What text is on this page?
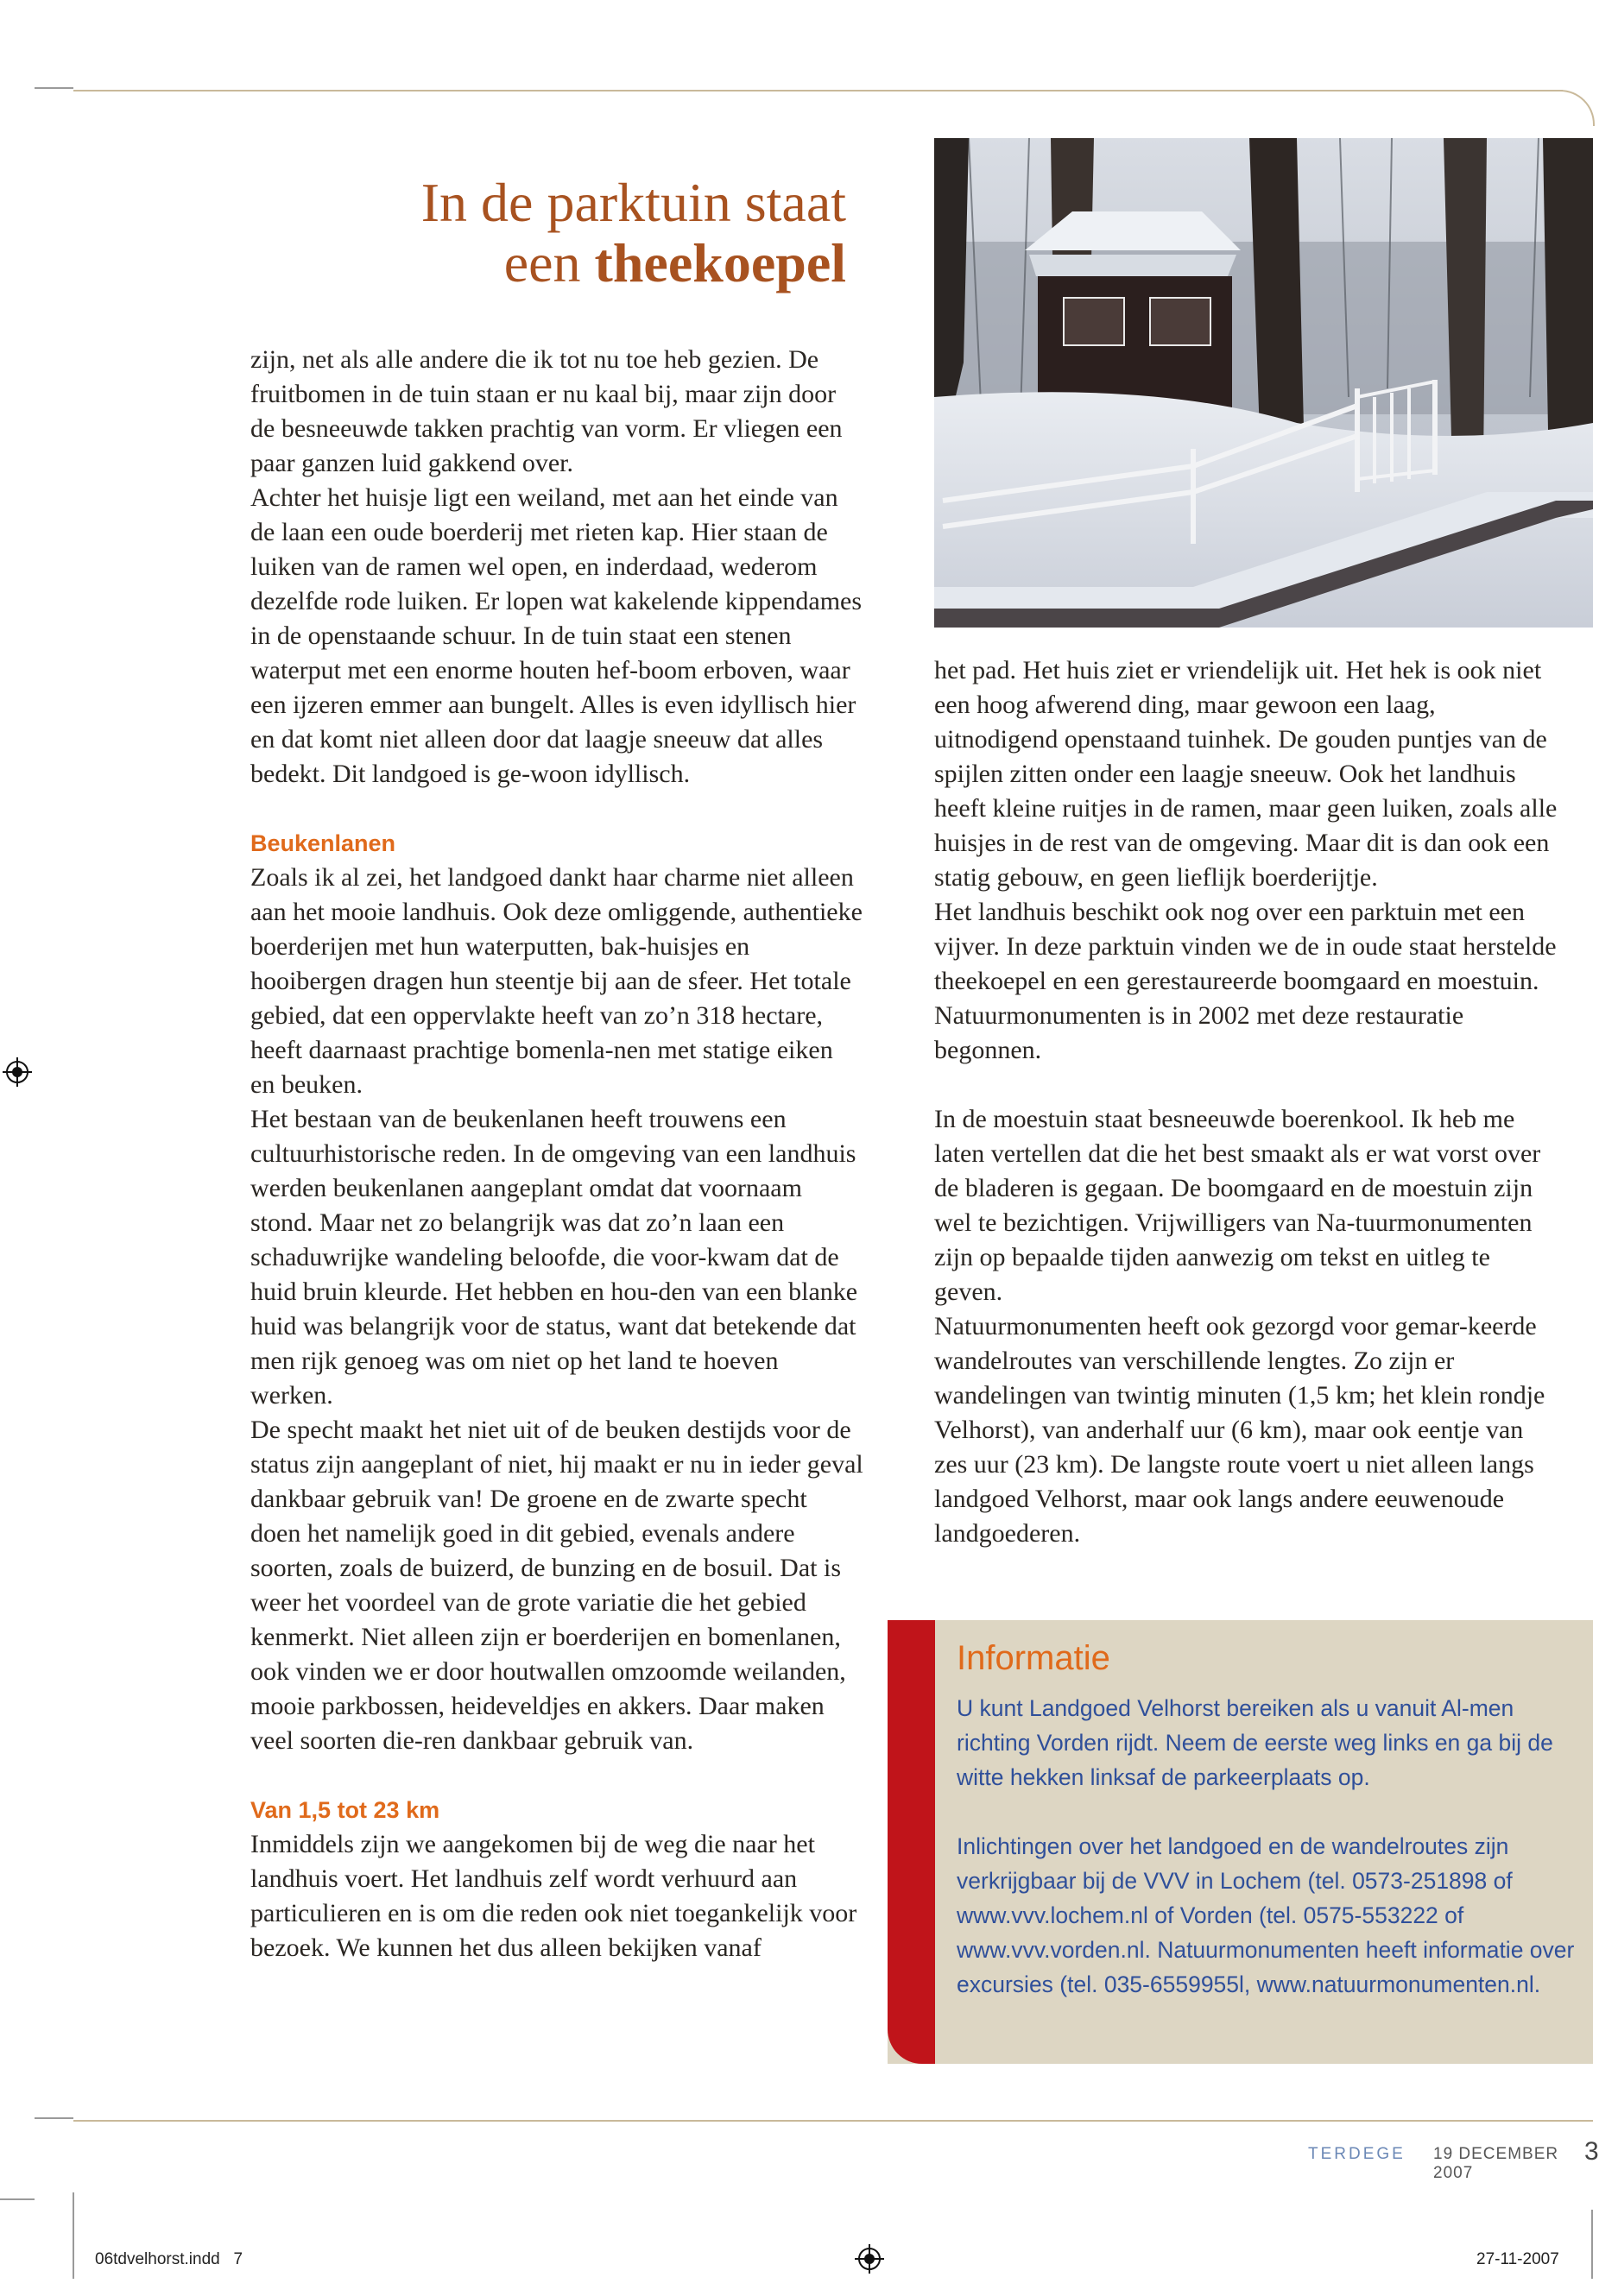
In de parktuin staat
een theekoepel

zijn, net als alle andere die ik tot nu toe heb gezien. De fruitbomen in de tuin staan er nu kaal bij, maar zijn door de besneeuwde takken prachtig van vorm. Er vliegen een paar ganzen luid gakkend over.

Achter het huisje ligt een weiland, met aan het einde van de laan een oude boerderij met rieten kap. Hier staan de luiken van de ramen wel open, en inderdaad, wederom dezelfde rode luiken. Er lopen wat kakelende kippendames in de openstaande schuur. In de tuin staat een stenen waterput met een enorme houten hef-boom erboven, waar een ijzeren emmer aan bungelt. Alles is even idyllisch hier en dat komt niet alleen door dat laagje sneeuw dat alles bedekt. Dit landgoed is ge-woon idyllisch.

Beukenlanen

Zoals ik al zei, het landgoed dankt haar charme niet alleen aan het mooie landhuis. Ook deze omliggende, authentieke boerderijen met hun waterputten, bak-huisjes en hooibergen dragen hun steentje bij aan de sfeer. Het totale gebied, dat een oppervlakte heeft van zo’n 318 hectare, heeft daarnaast prachtige bomenla-nen met statige eiken en beuken.

Het bestaan van de beukenlanen heeft trouwens een cultuurhistorische reden. In de omgeving van een landhuis werden beukenlanen aangeplant omdat dat voornaam stond. Maar net zo belangrijk was dat zo’n laan een schaduwrijke wandeling beloofde, die voor-kwam dat de huid bruin kleurde. Het hebben en hou-den van een blanke huid was belangrijk voor de status, want dat betekende dat men rijk genoeg was om niet op het land te hoeven werken.

De specht maakt het niet uit of de beuken destijds voor de status zijn aangeplant of niet, hij maakt er nu in ieder geval dankbaar gebruik van! De groene en de zwarte specht doen het namelijk goed in dit gebied, evenals andere soorten, zoals de buizerd, de bunzing en de bosuil. Dat is weer het voordeel van de grote variatie die het gebied kenmerkt. Niet alleen zijn er boerderijen en bomenlanen, ook vinden we er door houtwallen omzoomde weilanden, mooie parkbossen, heideveldjes en akkers. Daar maken veel soorten die-ren dankbaar gebruik van.

Van 1,5 tot 23 km

Inmiddels zijn we aangekomen bij de weg die naar het landhuis voert. Het landhuis zelf wordt verhuurd aan particulieren en is om die reden ook niet toegankelijk voor bezoek. We kunnen het dus alleen bekijken vanaf

het pad. Het huis ziet er vriendelijk uit. Het hek is ook niet een hoog afwerend ding, maar gewoon een laag, uitnodigend openstaand tuinhek. De gouden puntjes van de spijlen zitten onder een laagje sneeuw. Ook het landhuis heeft kleine ruitjes in de ramen, maar geen luiken, zoals alle huisjes in de rest van de omgeving. Maar dit is dan ook een statig gebouw, en geen lieflijk boerderijtje.

Het landhuis beschikt ook nog over een parktuin met een vijver. In deze parktuin vinden we de in oude staat herstelde theekoepel en een gerestaureerde boomgaard en moestuin. Natuurmonumenten is in 2002 met deze restauratie begonnen.

In de moestuin staat besneeuwde boerenkool. Ik heb me laten vertellen dat die het best smaakt als er wat vorst over de bladeren is gegaan. De boomgaard en de moestuin zijn wel te bezichtigen. Vrijwilligers van Na-tuurmonumenten zijn op bepaalde tijden aanwezig om tekst en uitleg te geven.

Natuurmonumenten heeft ook gezorgd voor gemar-keerde wandelroutes van verschillende lengtes. Zo zijn er wandelingen van twintig minuten (1,5 km; het klein rondje Velhorst), van anderhalf uur (6 km), maar ook eentje van zes uur (23 km). De langste route voert u niet alleen langs landgoed Velhorst, maar ook langs andere eeuwenoude landgoederen.

Informatie

U kunt Landgoed Velhorst bereiken als u vanuit Al-men richting Vorden rijdt. Neem de eerste weg links en ga bij de witte hekken linksaf de parkeerplaats op.

Inlichtingen over het landgoed en de wandelroutes zijn verkrijgbaar bij de VVV in Lochem (tel. 0573-251898 of www.vvv.lochem.nl of Vorden (tel. 0575-553222 of www.vvv.vorden.nl. Natuurmonumenten heeft informatie over excursies (tel. 035-6559955l, www.natuurmonumenten.nl.

TERDEGE 19 DECEMBER 2007
3
06tdvelhorst.indd   7	27-11-2007
